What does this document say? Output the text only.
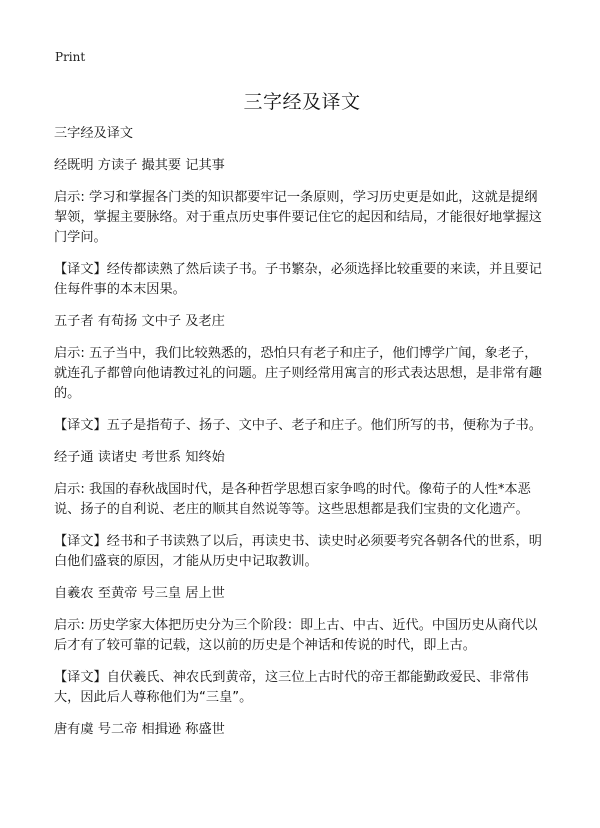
Print
三字经及译文

三字经及译文

经既明 方读子 撮其要 记其事

启示: 学习和掌握各门类的知识都要牢记一条原则，学习历史更是如此，这就是提纲挈领，掌握主要脉络。对于重点历史事件要记住它的起因和结局，才能很好地掌握这门学问。

【译文】经传都读熟了然后读子书。子书繁杂，必须选择比较重要的来读，并且要记住每件事的本末因果。

五子者 有荀扬 文中子 及老庄

启示: 五子当中，我们比较熟悉的，恐怕只有老子和庄子，他们博学广闻，象老子，就连孔子都曾向他请教过礼的问题。庄子则经常用寓言的形式表达思想，是非常有趣的。

【译文】五子是指荀子、扬子、文中子、老子和庄子。他们所写的书，便称为子书。

经子通 读诸史 考世系 知终始

启示: 我国的春秋战国时代，是各种哲学思想百家争鸣的时代。像荀子的人性*本恶说、扬子的自利说、老庄的顺其自然说等等。这些思想都是我们宝贵的文化遗产。

【译文】经书和子书读熟了以后，再读史书、读史时必须要考究各朝各代的世系，明白他们盛衰的原因，才能从历史中记取教训。

自羲农 至黄帝 号三皇 居上世

启示: 历史学家大体把历史分为三个阶段：即上古、中古、近代。中国历史从商代以后才有了较可靠的记载，这以前的历史是个神话和传说的时代，即上古。

【译文】自伏羲氏、神农氏到黄帝，这三位上古时代的帝王都能勤政爱民、非常伟大，因此后人尊称他们为“三皇”。

唐有虞 号二帝 相揖逊 称盛世
